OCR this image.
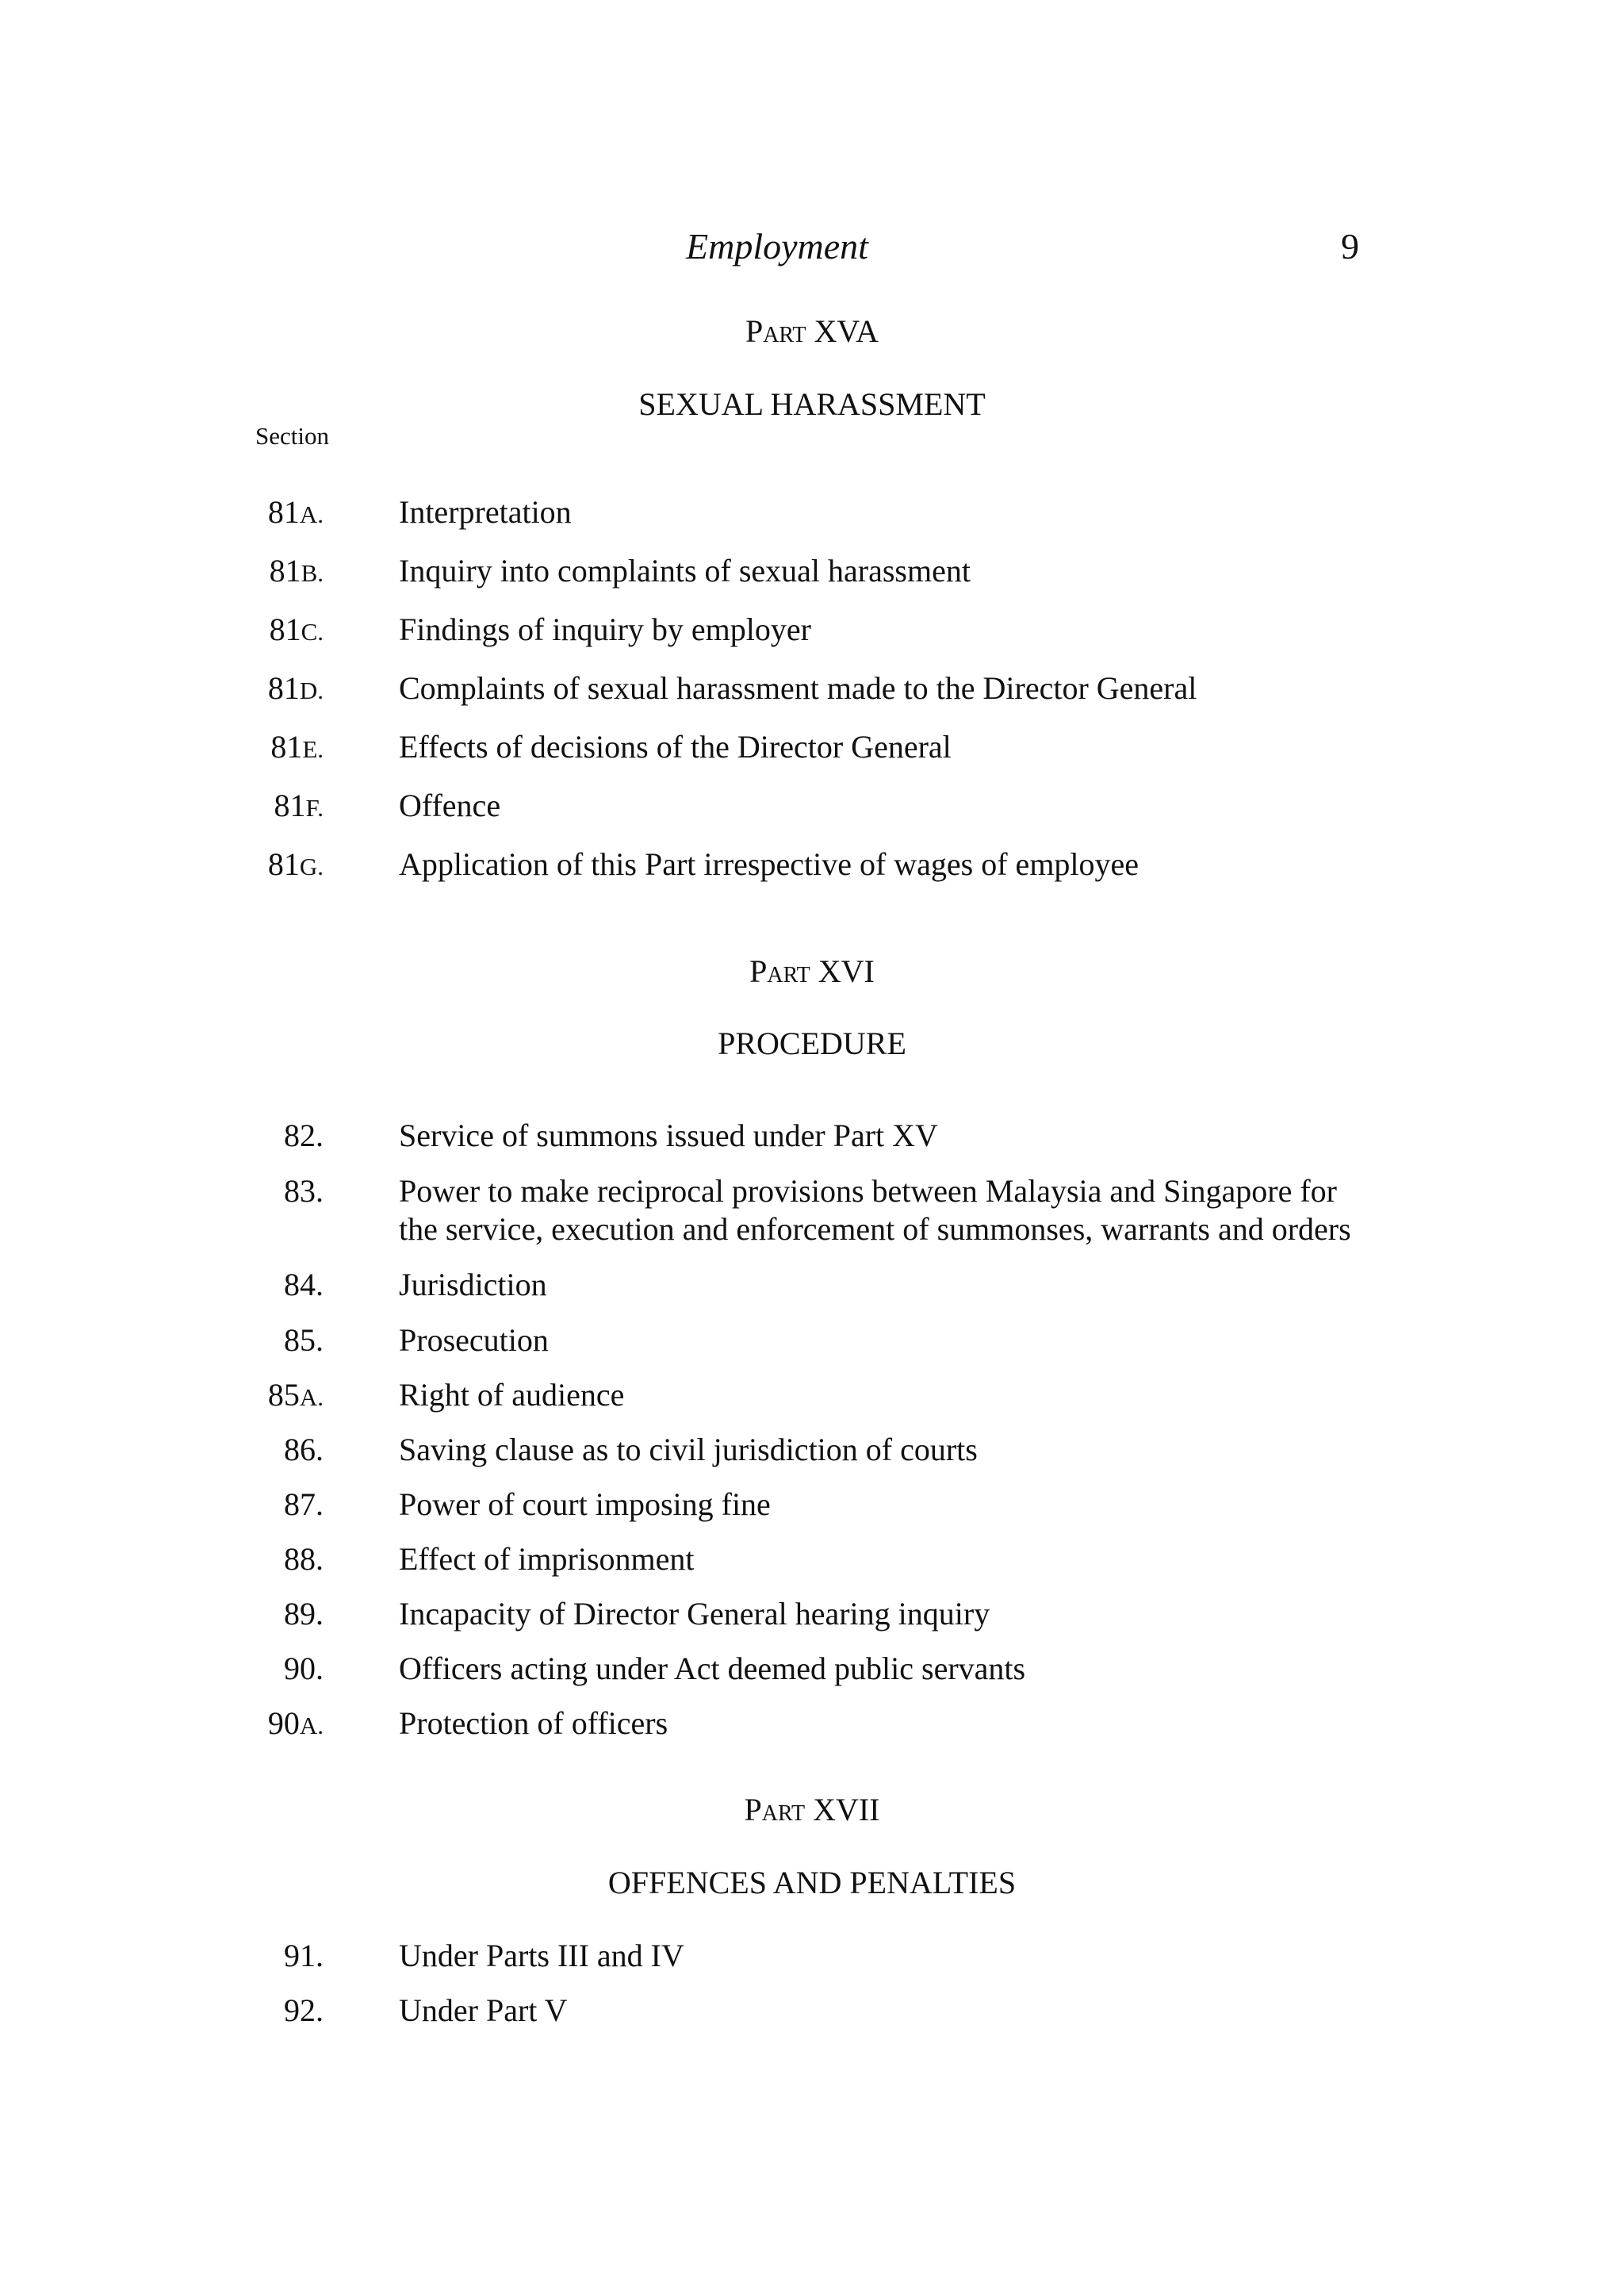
Employment	9
Part XVA
SEXUAL HARASSMENT
Section
81A. Interpretation
81B. Inquiry into complaints of sexual harassment
81C. Findings of inquiry by employer
81D. Complaints of sexual harassment made to the Director General
81E. Effects of decisions of the Director General
81F. Offence
81G. Application of this Part irrespective of wages of employee
Part XVI
PROCEDURE
82. Service of summons issued under Part XV
83. Power to make reciprocal provisions between Malaysia and Singapore for the service, execution and enforcement of summonses, warrants and orders
84. Jurisdiction
85. Prosecution
85A. Right of audience
86. Saving clause as to civil jurisdiction of courts
87. Power of court imposing fine
88. Effect of imprisonment
89. Incapacity of Director General hearing inquiry
90. Officers acting under Act deemed public servants
90A. Protection of officers
Part XVII
OFFENCES AND PENALTIES
91. Under Parts III and IV
92. Under Part V
